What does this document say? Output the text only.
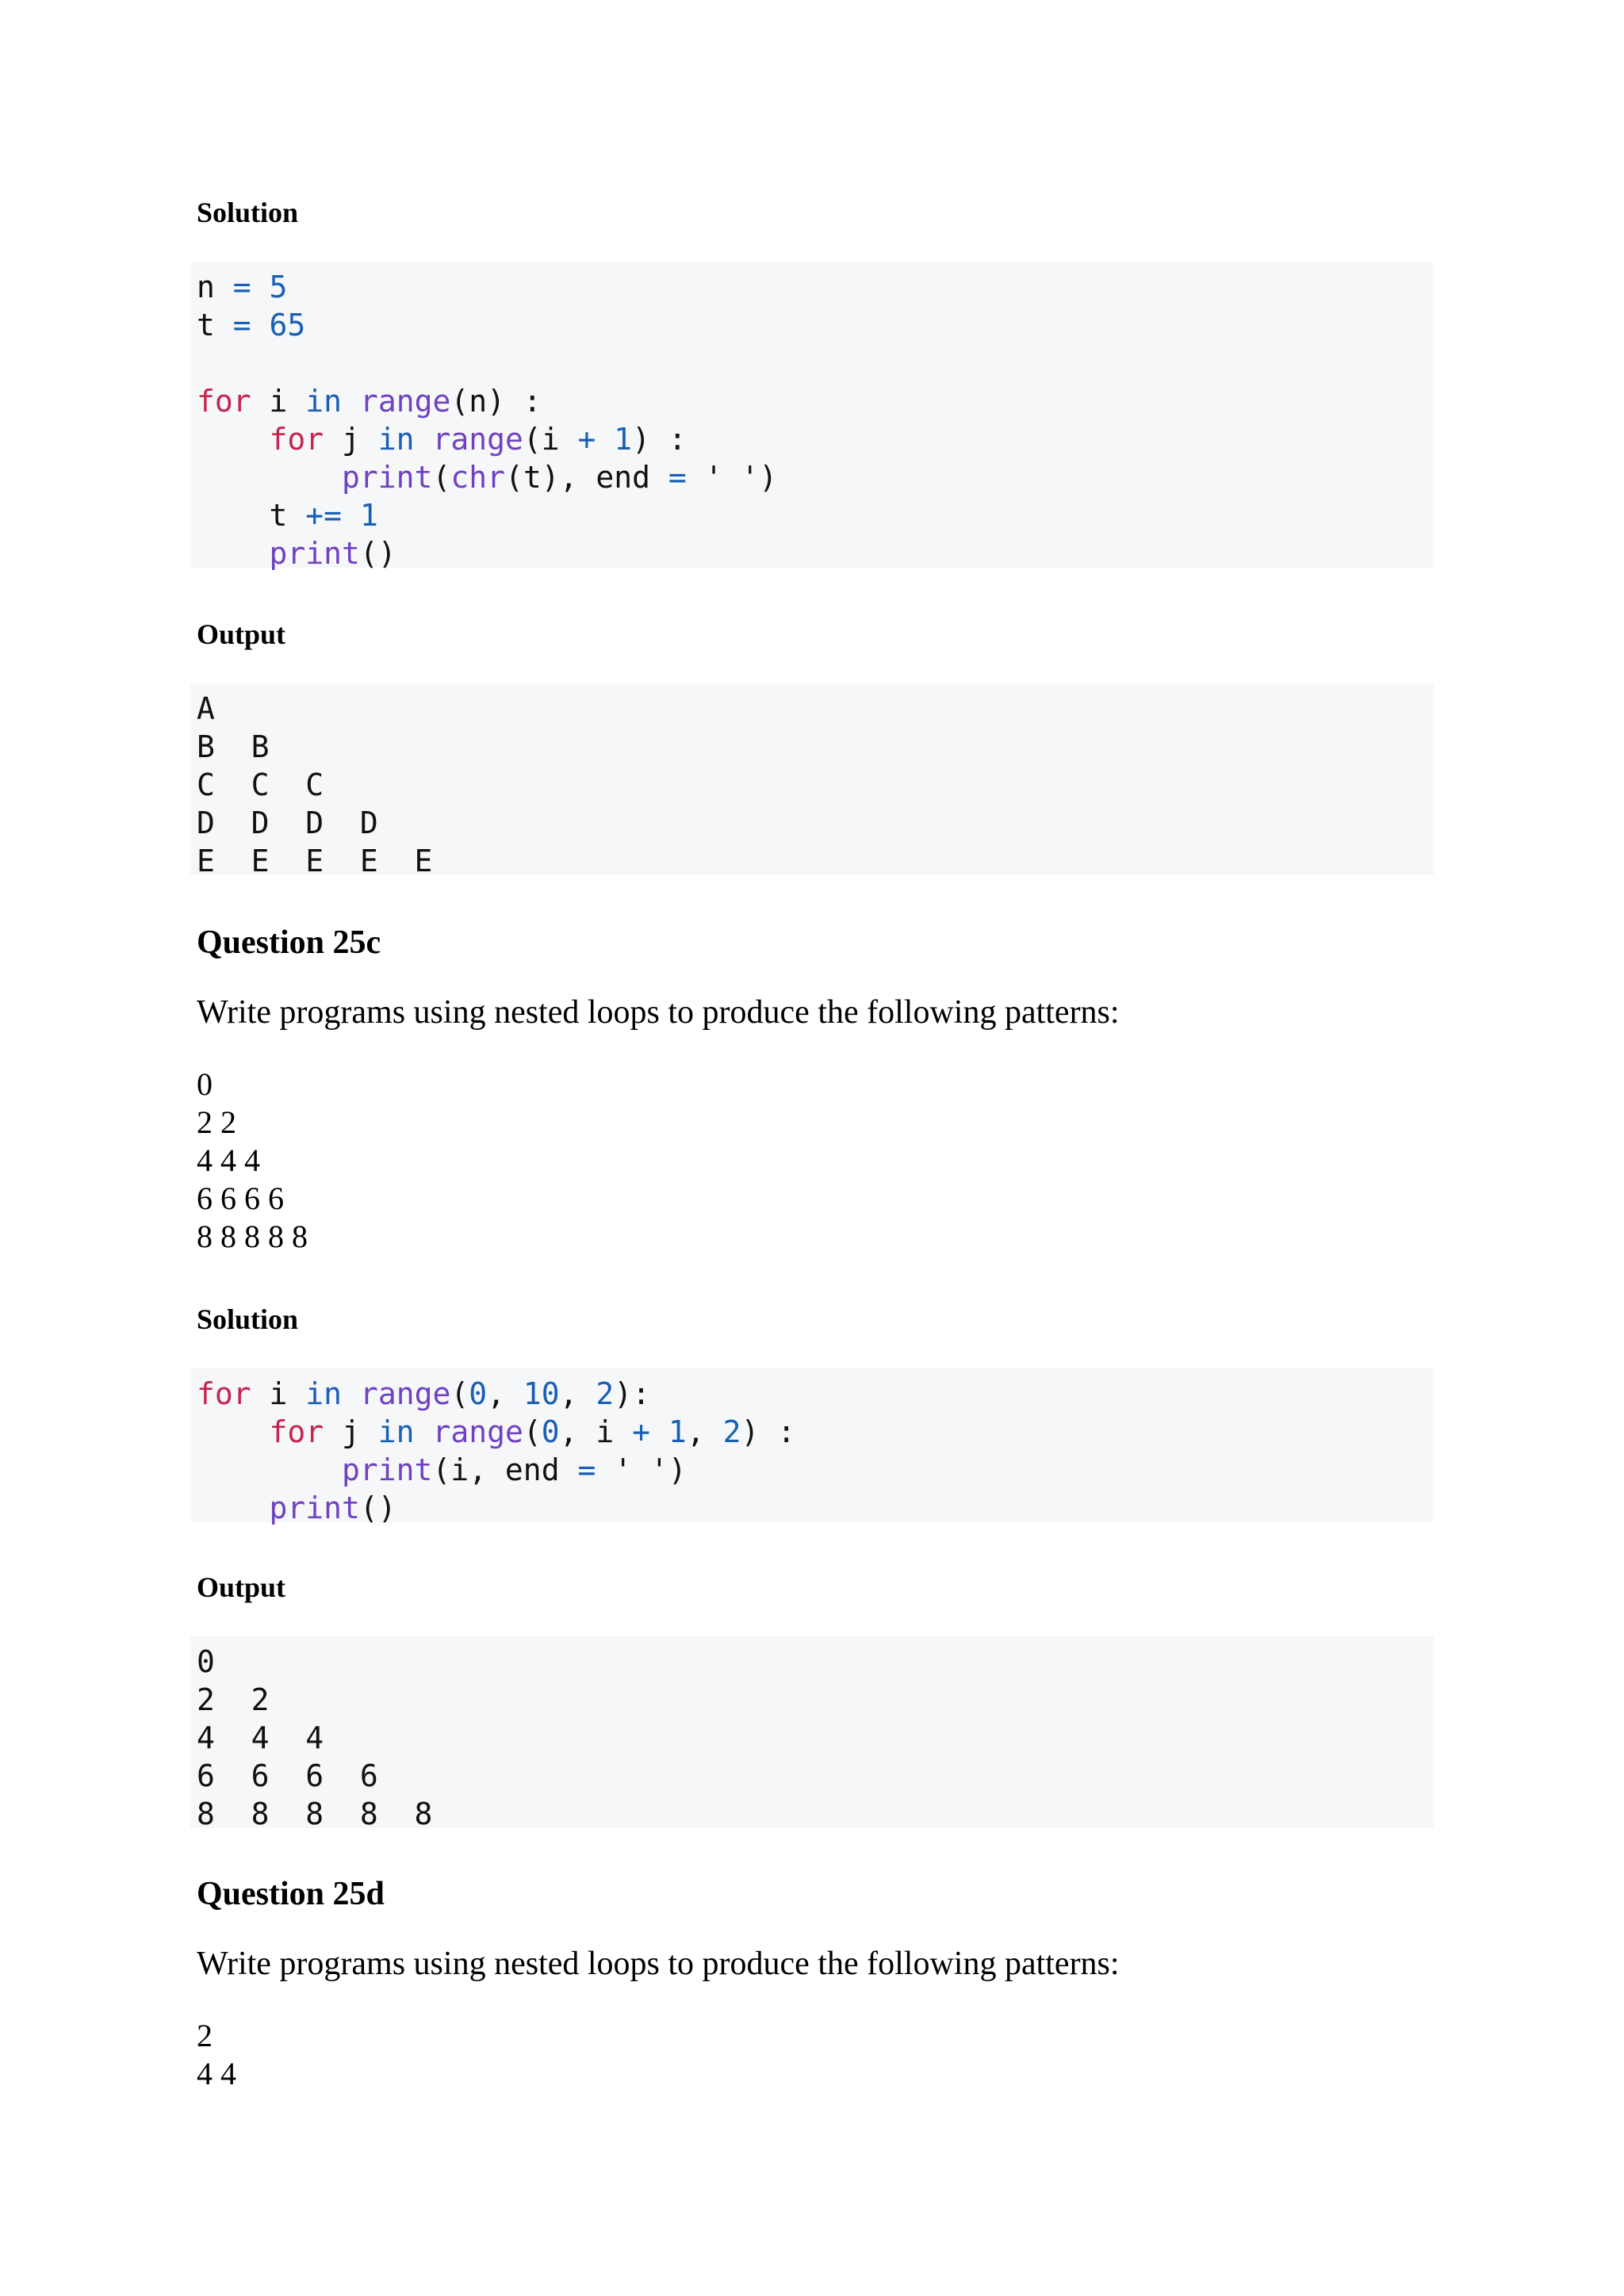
Solution
n = 5
t = 65

for i in range(n) :
for j in range(i + 1) :
print(chr(t), end = ' ')
t += 1
print()
Output
A
B  B
C  C  C
D  D  D  D
E  E  E  E  E
Question 25c
Write programs using nested loops to produce the following patterns:
0
2 2
4 4 4
6 6 6 6
8 8 8 8 8
Solution
for i in range(0, 10, 2):
for j in range(0, i + 1, 2) :
print(i, end = ' ')
print()
Output
0
2  2
4  4  4
6  6  6  6
8  8  8  8  8
Question 25d
Write programs using nested loops to produce the following patterns:
2
4 4
